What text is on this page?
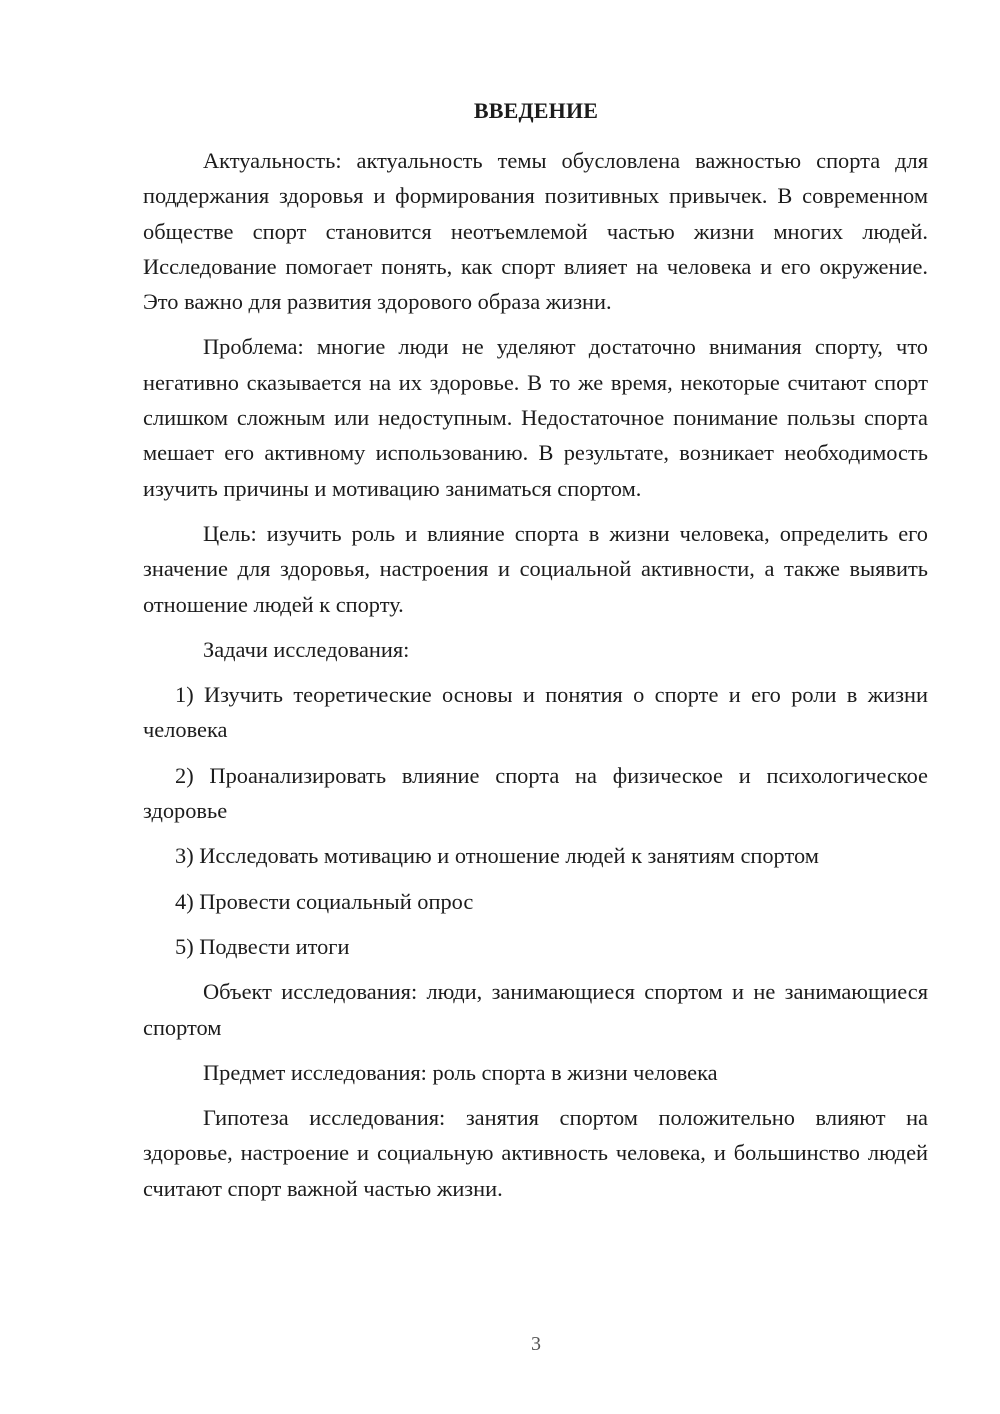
ВВЕДЕНИЕ

Актуальность: актуальность темы обусловлена важностью спорта для поддержания здоровья и формирования позитивных привычек. В современном обществе спорт становится неотъемлемой частью жизни многих людей. Исследование помогает понять, как спорт влияет на человека и его окружение. Это важно для развития здорового образа жизни.

Проблема: многие люди не уделяют достаточно внимания спорту, что негативно сказывается на их здоровье. В то же время, некоторые считают спорт слишком сложным или недоступным. Недостаточное понимание пользы спорта мешает его активному использованию. В результате, возникает необходимость изучить причины и мотивацию заниматься спортом.

Цель: изучить роль и влияние спорта в жизни человека, определить его значение для здоровья, настроения и социальной активности, а также выявить отношение людей к спорту.

Задачи исследования:

1) Изучить теоретические основы и понятия о спорте и его роли в жизни человека

2) Проанализировать влияние спорта на физическое и психологическое здоровье

3) Исследовать мотивацию и отношение людей к занятиям спортом

4) Провести социальный опрос

5) Подвести итоги

Объект исследования: люди, занимающиеся спортом и не занимающиеся спортом

Предмет исследования: роль спорта в жизни человека

Гипотеза исследования: занятия спортом положительно влияют на здоровье, настроение и социальную активность человека, и большинство людей считают спорт важной частью жизни.

3
